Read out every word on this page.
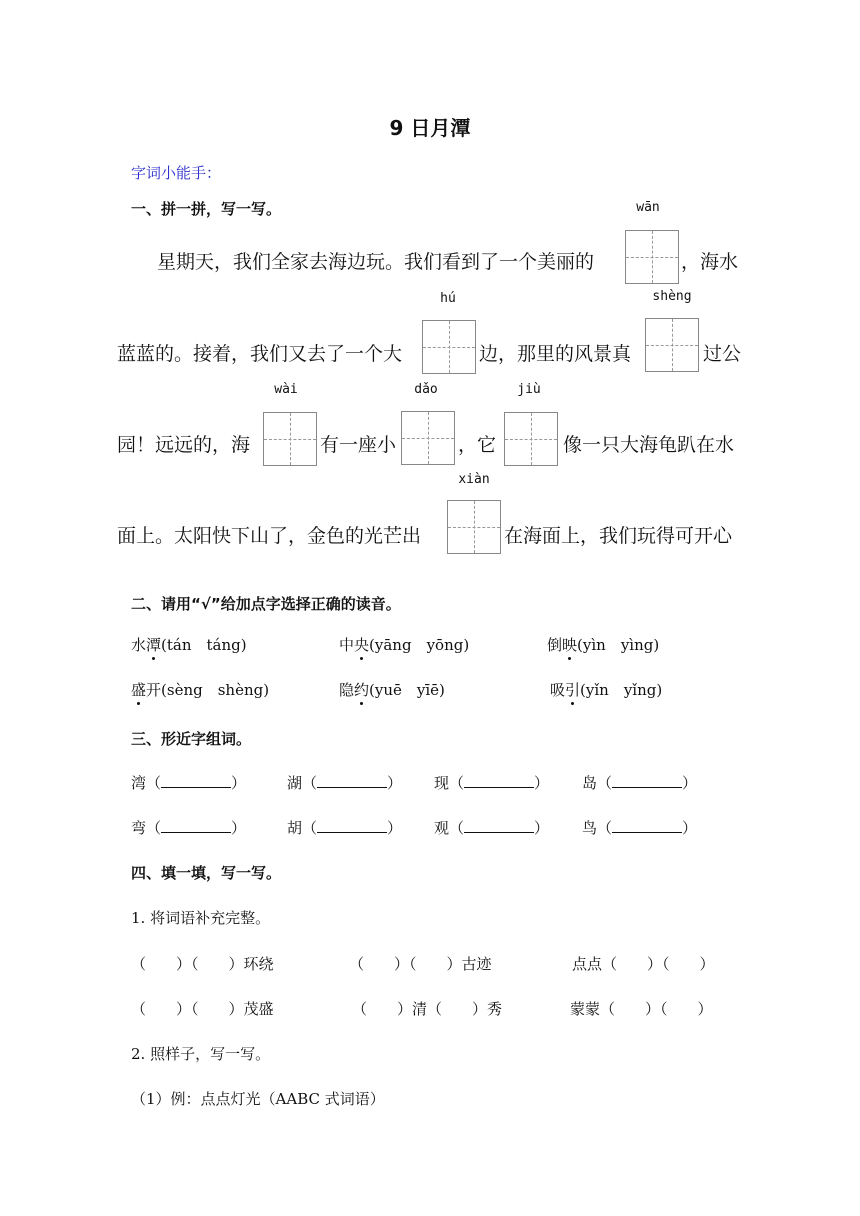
9 日月潭
字词小能手：
一、拼一拼，写一写。	wān
星期天，我们全家去海边玩。我们看到了一个美丽的	，海水
hú	shèng
蓝蓝的。接着，我们又去了一个大	边，那里的风景真	过公
wài	dǎo	jiù
园！远远的，海	有一座小	，它	像一只大海龟趴在水
xiàn
面上。太阳快下山了，金色的光芒出	在海面上，我们玩得可开心
二、请用“√”给加点字选择正确的读音。
水潭(tán　táng)	中央(yāng　yōng)	倒映(yìn　yìng)
盛开(sèng　shèng)	隐约(yuē　yīē)	吸引(yǐn　yǐng)
三、形近字组词。
湾（	）	湖（	） 现（	） 岛（	）
弯（	）	胡（	） 观（	） 鸟（	）
四、填一填，写一写。
1. 将词语补充完整。
（　　）（　　）环绕	（　　）（　　）古迹	点点（　　）（　　）
（　　）（　　）茂盛	（　　）清（　　）秀	蒙蒙（　　）（　　）
2. 照样子，写一写。
（1）例：点点灯光（AABC 式词语）
